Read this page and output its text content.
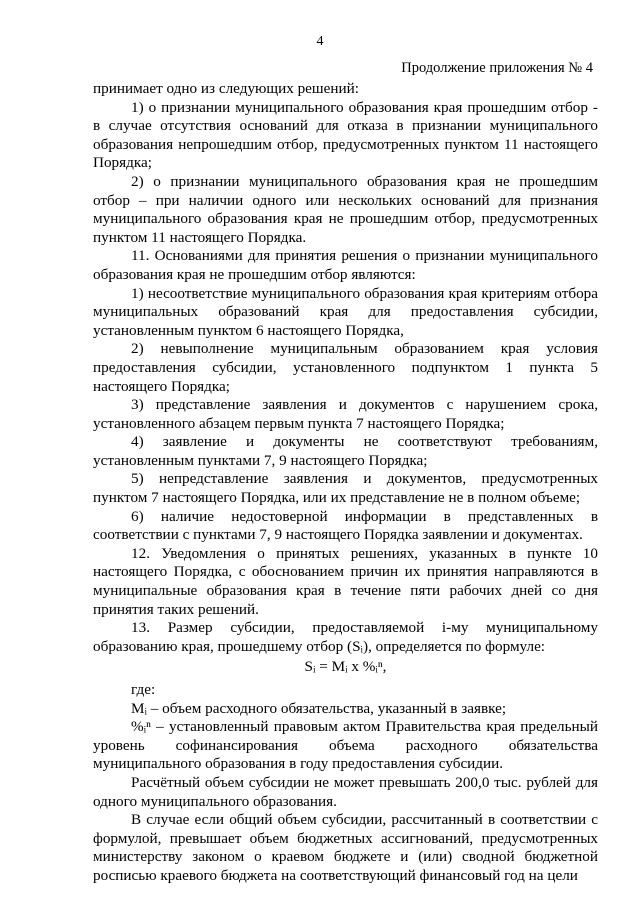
4
Продолжение приложения № 4

принимает одно из следующих решений:

1) о признании муниципального образования края прошедшим отбор - в случае отсутствия оснований для отказа в признании муниципального образования непрошедшим отбор, предусмотренных пунктом 11 настоящего Порядка;

2) о признании муниципального образования края не прошедшим отбор – при наличии одного или нескольких оснований для признания муниципального образования края не прошедшим отбор, предусмотренных пунктом 11 настоящего Порядка.

11. Основаниями для принятия решения о признании муниципального образования края не прошедшим отбор являются:

1) несоответствие муниципального образования края критериям отбора муниципальных образований края для предоставления субсидии, установленным пунктом 6 настоящего Порядка,

2) невыполнение муниципальным образованием края условия предоставления субсидии, установленного подпунктом 1 пункта 5 настоящего Порядка;

3) представление заявления и документов с нарушением срока, установленного абзацем первым пункта 7 настоящего Порядка;

4) заявление и документы не соответствуют требованиям, установленным пунктами 7, 9 настоящего Порядка;

5) непредставление заявления и документов, предусмотренных пунктом 7 настоящего Порядка, или их представление не в полном объеме;

6) наличие недостоверной информации в представленных в соответствии с пунктами 7, 9 настоящего Порядка заявлении и документах.

12. Уведомления о принятых решениях, указанных в пункте 10 настоящего Порядка, с обоснованием причин их принятия направляются в муниципальные образования края в течение пяти рабочих дней со дня принятия таких решений.

13. Размер субсидии, предоставляемой i-му муниципальному образованию края, прошедшему отбор (Sᵢ), определяется по формуле:

Sᵢ = Mᵢ х %ᵢⁿ,

где:

Mᵢ – объем расходного обязательства, указанный в заявке;

%ᵢⁿ – установленный правовым актом Правительства края предельный уровень софинансирования объема расходного обязательства муниципального образования в году предоставления субсидии.

Расчётный объем субсидии не может превышать 200,0 тыс. рублей для одного муниципального образования.

В случае если общий объем субсидии, рассчитанный в соответствии с формулой, превышает объем бюджетных ассигнований, предусмотренных министерству законом о краевом бюджете и (или) сводной бюджетной росписью краевого бюджета на соответствующий финансовый год на цели
